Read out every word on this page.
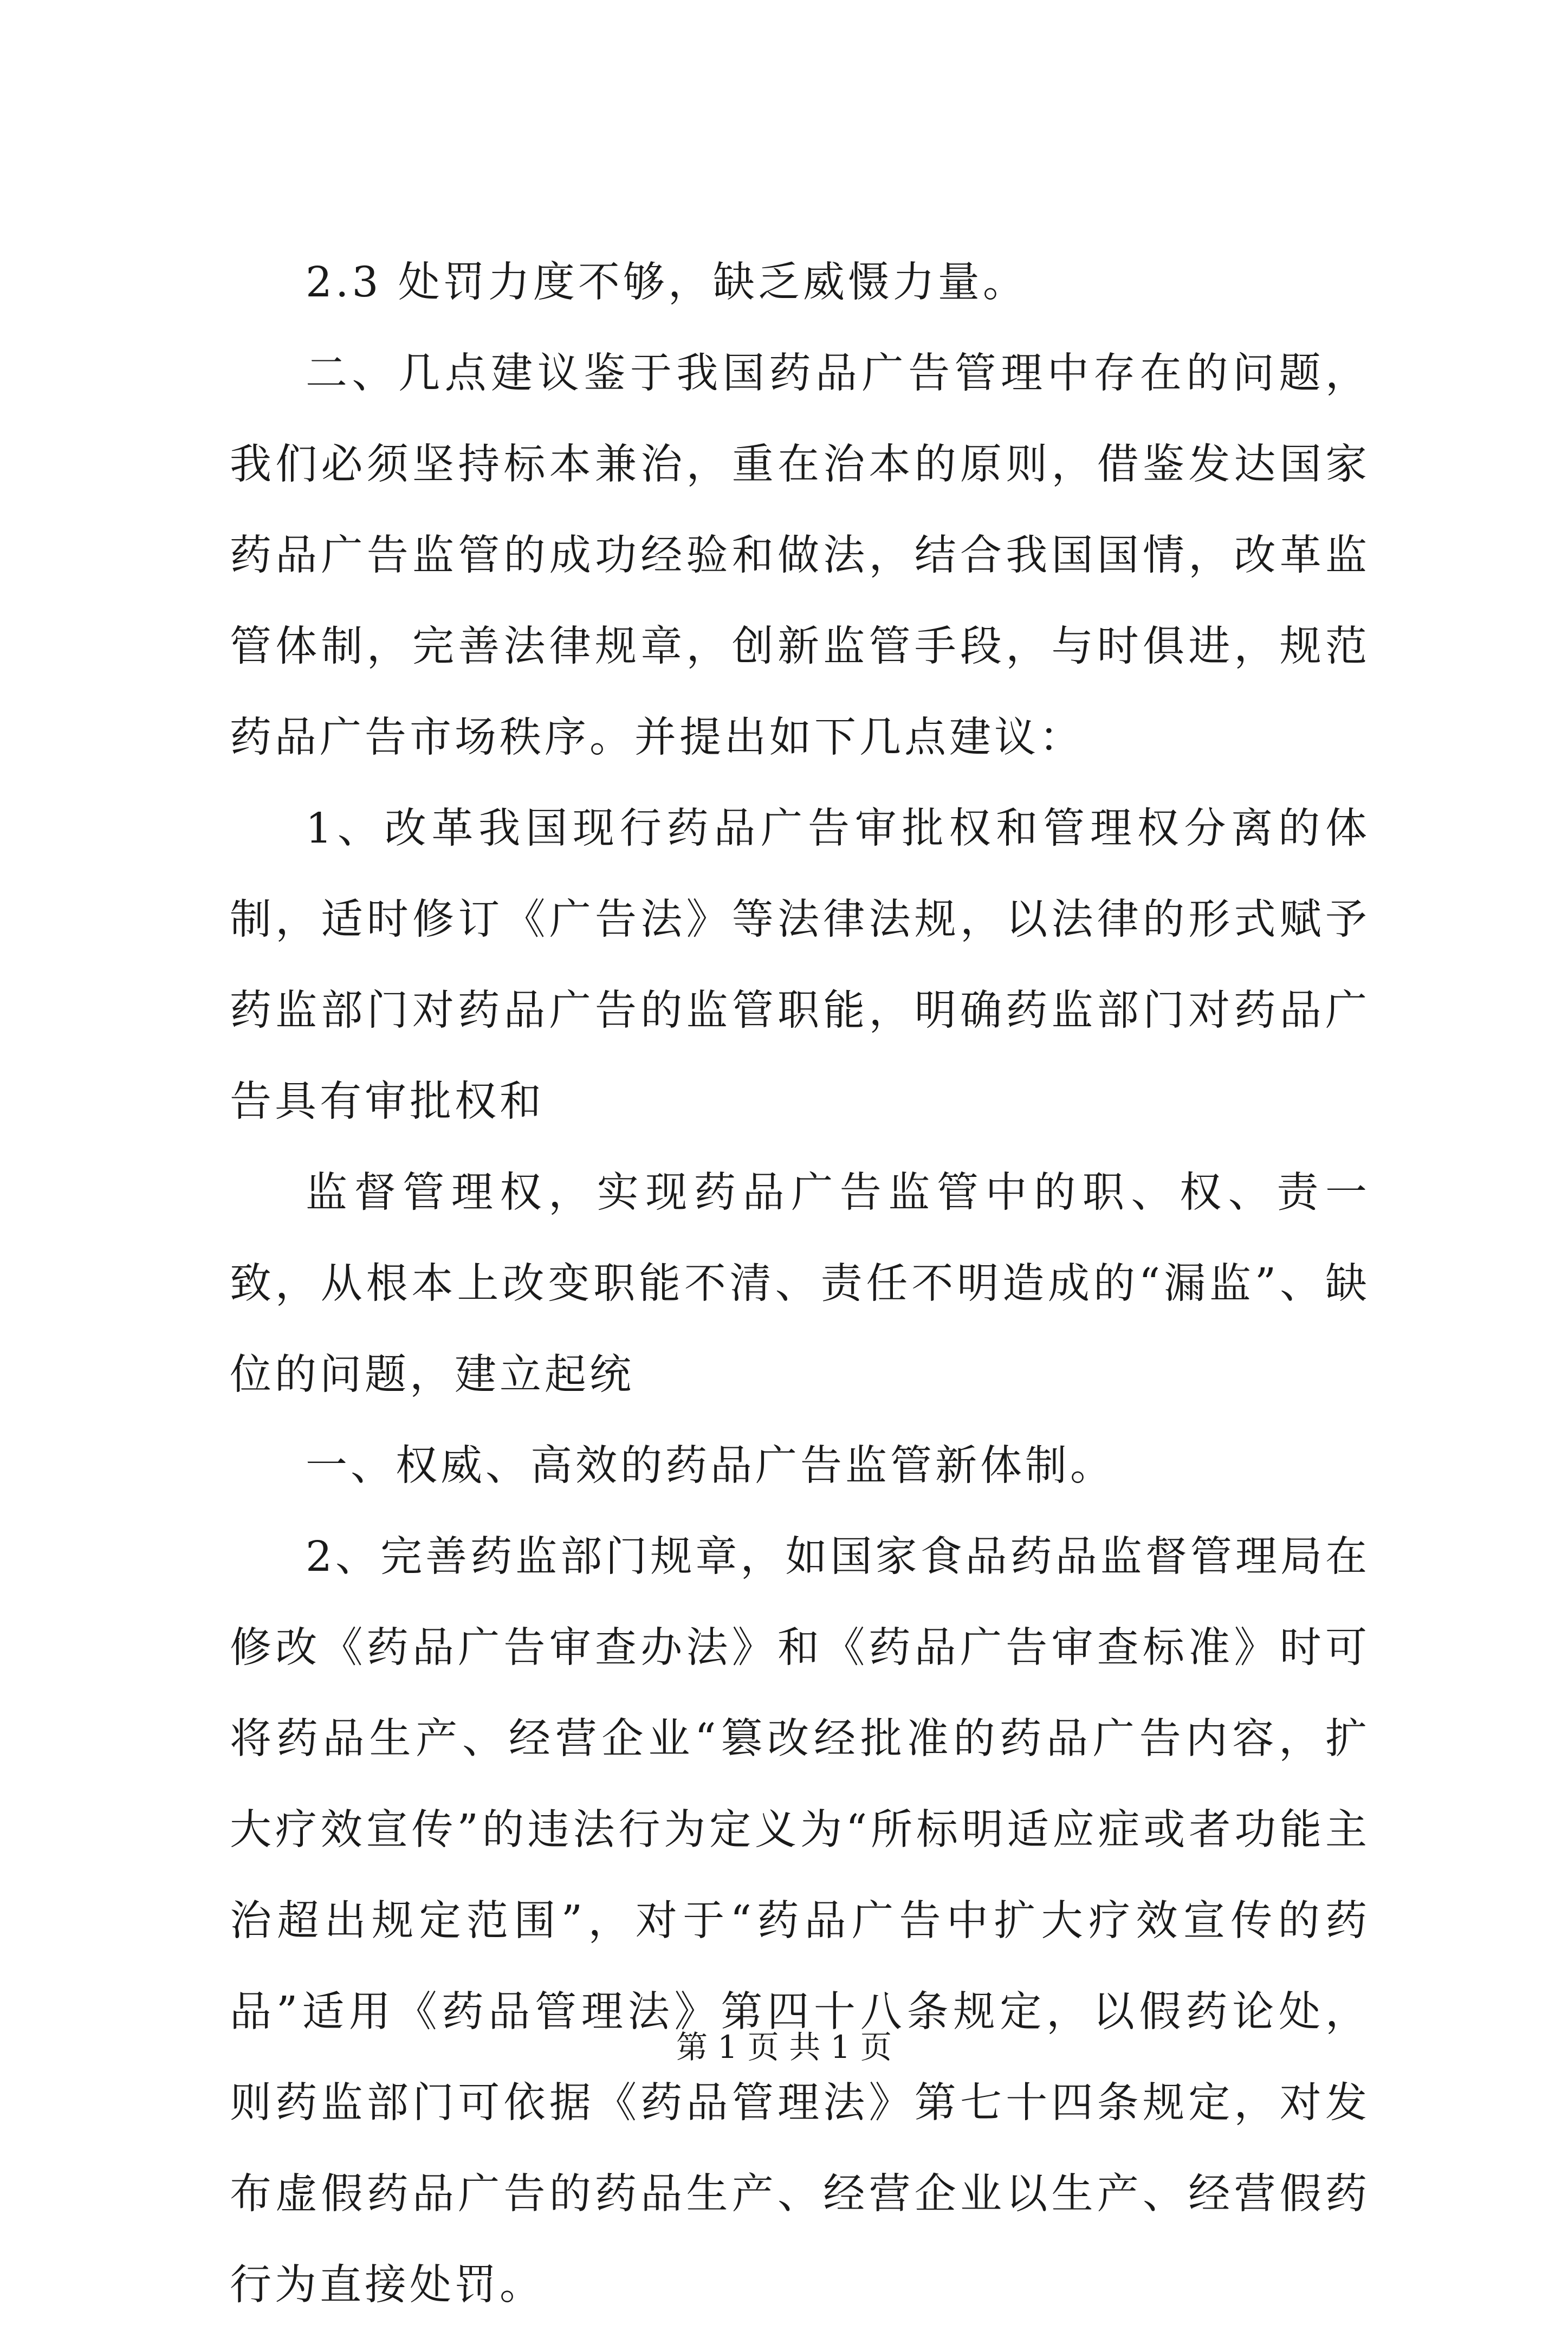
2.3 处罚力度不够，缺乏威慑力量。

二、几点建议鉴于我国药品广告管理中存在的问题，我们必须坚持标本兼治，重在治本的原则，借鉴发达国家药品广告监管的成功经验和做法，结合我国国情，改革监管体制，完善法律规章，创新监管手段，与时俱进，规范药品广告市场秩序。并提出如下几点建议：

1、改革我国现行药品广告审批权和管理权分离的体制，适时修订《广告法》等法律法规，以法律的形式赋予药监部门对药品广告的监管职能，明确药监部门对药品广告具有审批权和

监督管理权，实现药品广告监管中的职、权、责一致，从根本上改变职能不清、责任不明造成的“漏监”、缺位的问题，建立起统

一、权威、高效的药品广告监管新体制。

2、完善药监部门规章，如国家食品药品监督管理局在修改《药品广告审查办法》和《药品广告审查标准》时可将药品生产、经营企业“篡改经批准的药品广告内容，扩大疗效宣传”的违法行为定义为“所标明适应症或者功能主治超出规定范围”，对于“药品广告中扩大疗效宣传的药品”适用《药品管理法》第四十八条规定，以假药论处，则药监部门可依据《药品管理法》第七十四条规定，对发布虚假药品广告的药品生产、经营企业以生产、经营假药行为直接处罚。

第 1 页 共 1 页
